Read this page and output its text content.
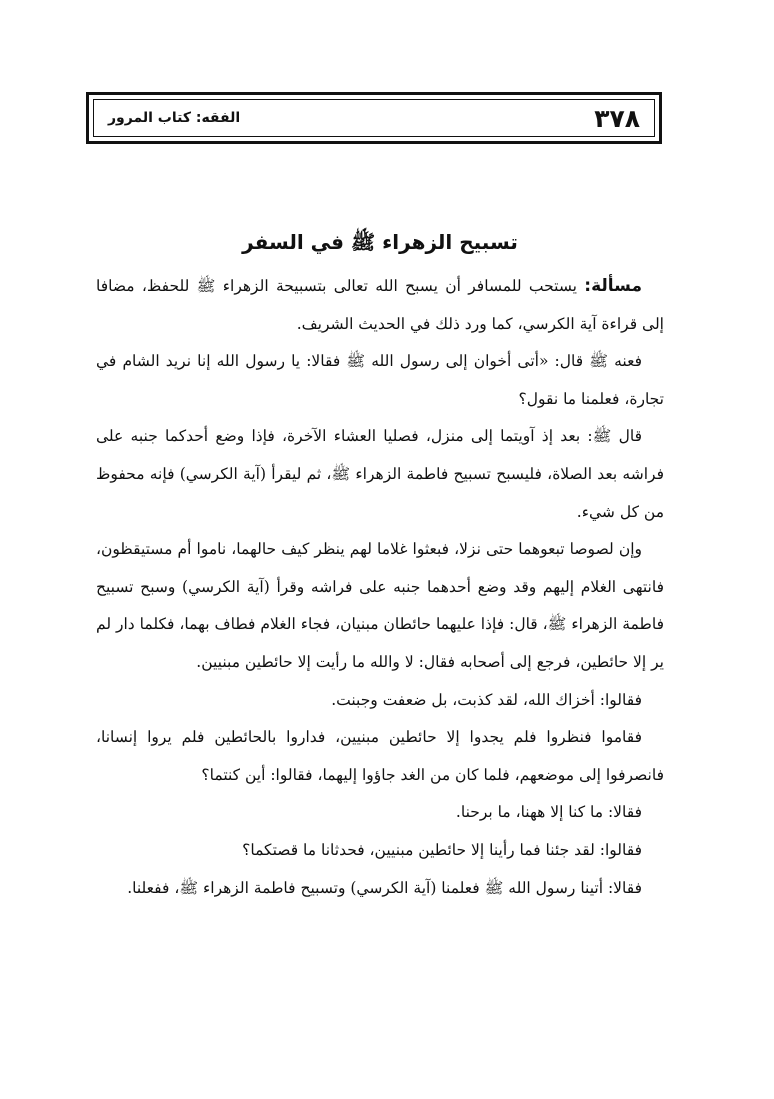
٣٧٨
الفقه: كتاب المرور
تسبيح الزهراء ﷺ في السفر

مسألة: يستحب للمسافر أن يسبح الله تعالى بتسبيحة الزهراء ﷺ للحفظ، مضافا إلى قراءة آية الكرسي، كما ورد ذلك في الحديث الشريف.

فعنه ﷺ قال: «أتى أخوان إلى رسول الله ﷺ فقالا: يا رسول الله إنا نريد الشام في تجارة، فعلمنا ما نقول؟

قال ﷺ: بعد إذ آويتما إلى منزل، فصليا العشاء الآخرة، فإذا وضع أحدكما جنبه على فراشه بعد الصلاة، فليسبح تسبيح فاطمة الزهراء ﷺ، ثم ليقرأ (آية الكرسي) فإنه محفوظ من كل شيء.

وإن لصوصا تبعوهما حتى نزلا، فبعثوا غلاما لهم ينظر كيف حالهما، ناموا أم مستيقظون، فانتهى الغلام إليهم وقد وضع أحدهما جنبه على فراشه وقرأ (آية الكرسي) وسبح تسبيح فاطمة الزهراء ﷺ، قال: فإذا عليهما حائطان مبنيان، فجاء الغلام فطاف بهما، فكلما دار لم ير إلا حائطين، فرجع إلى أصحابه فقال: لا والله ما رأيت إلا حائطين مبنيين.

فقالوا: أخزاك الله، لقد كذبت، بل ضعفت وجبنت.

فقاموا فنظروا فلم يجدوا إلا حائطين مبنيين، فداروا بالحائطين فلم يروا إنسانا، فانصرفوا إلى موضعهم، فلما كان من الغد جاؤوا إليهما، فقالوا: أين كنتما؟

فقالا: ما كنا إلا ههنا، ما برحنا.

فقالوا: لقد جئنا فما رأينا إلا حائطين مبنيين، فحدثانا ما قصتكما؟

فقالا: أتينا رسول الله ﷺ فعلمنا (آية الكرسي) وتسبيح فاطمة الزهراء ﷺ، ففعلنا.
